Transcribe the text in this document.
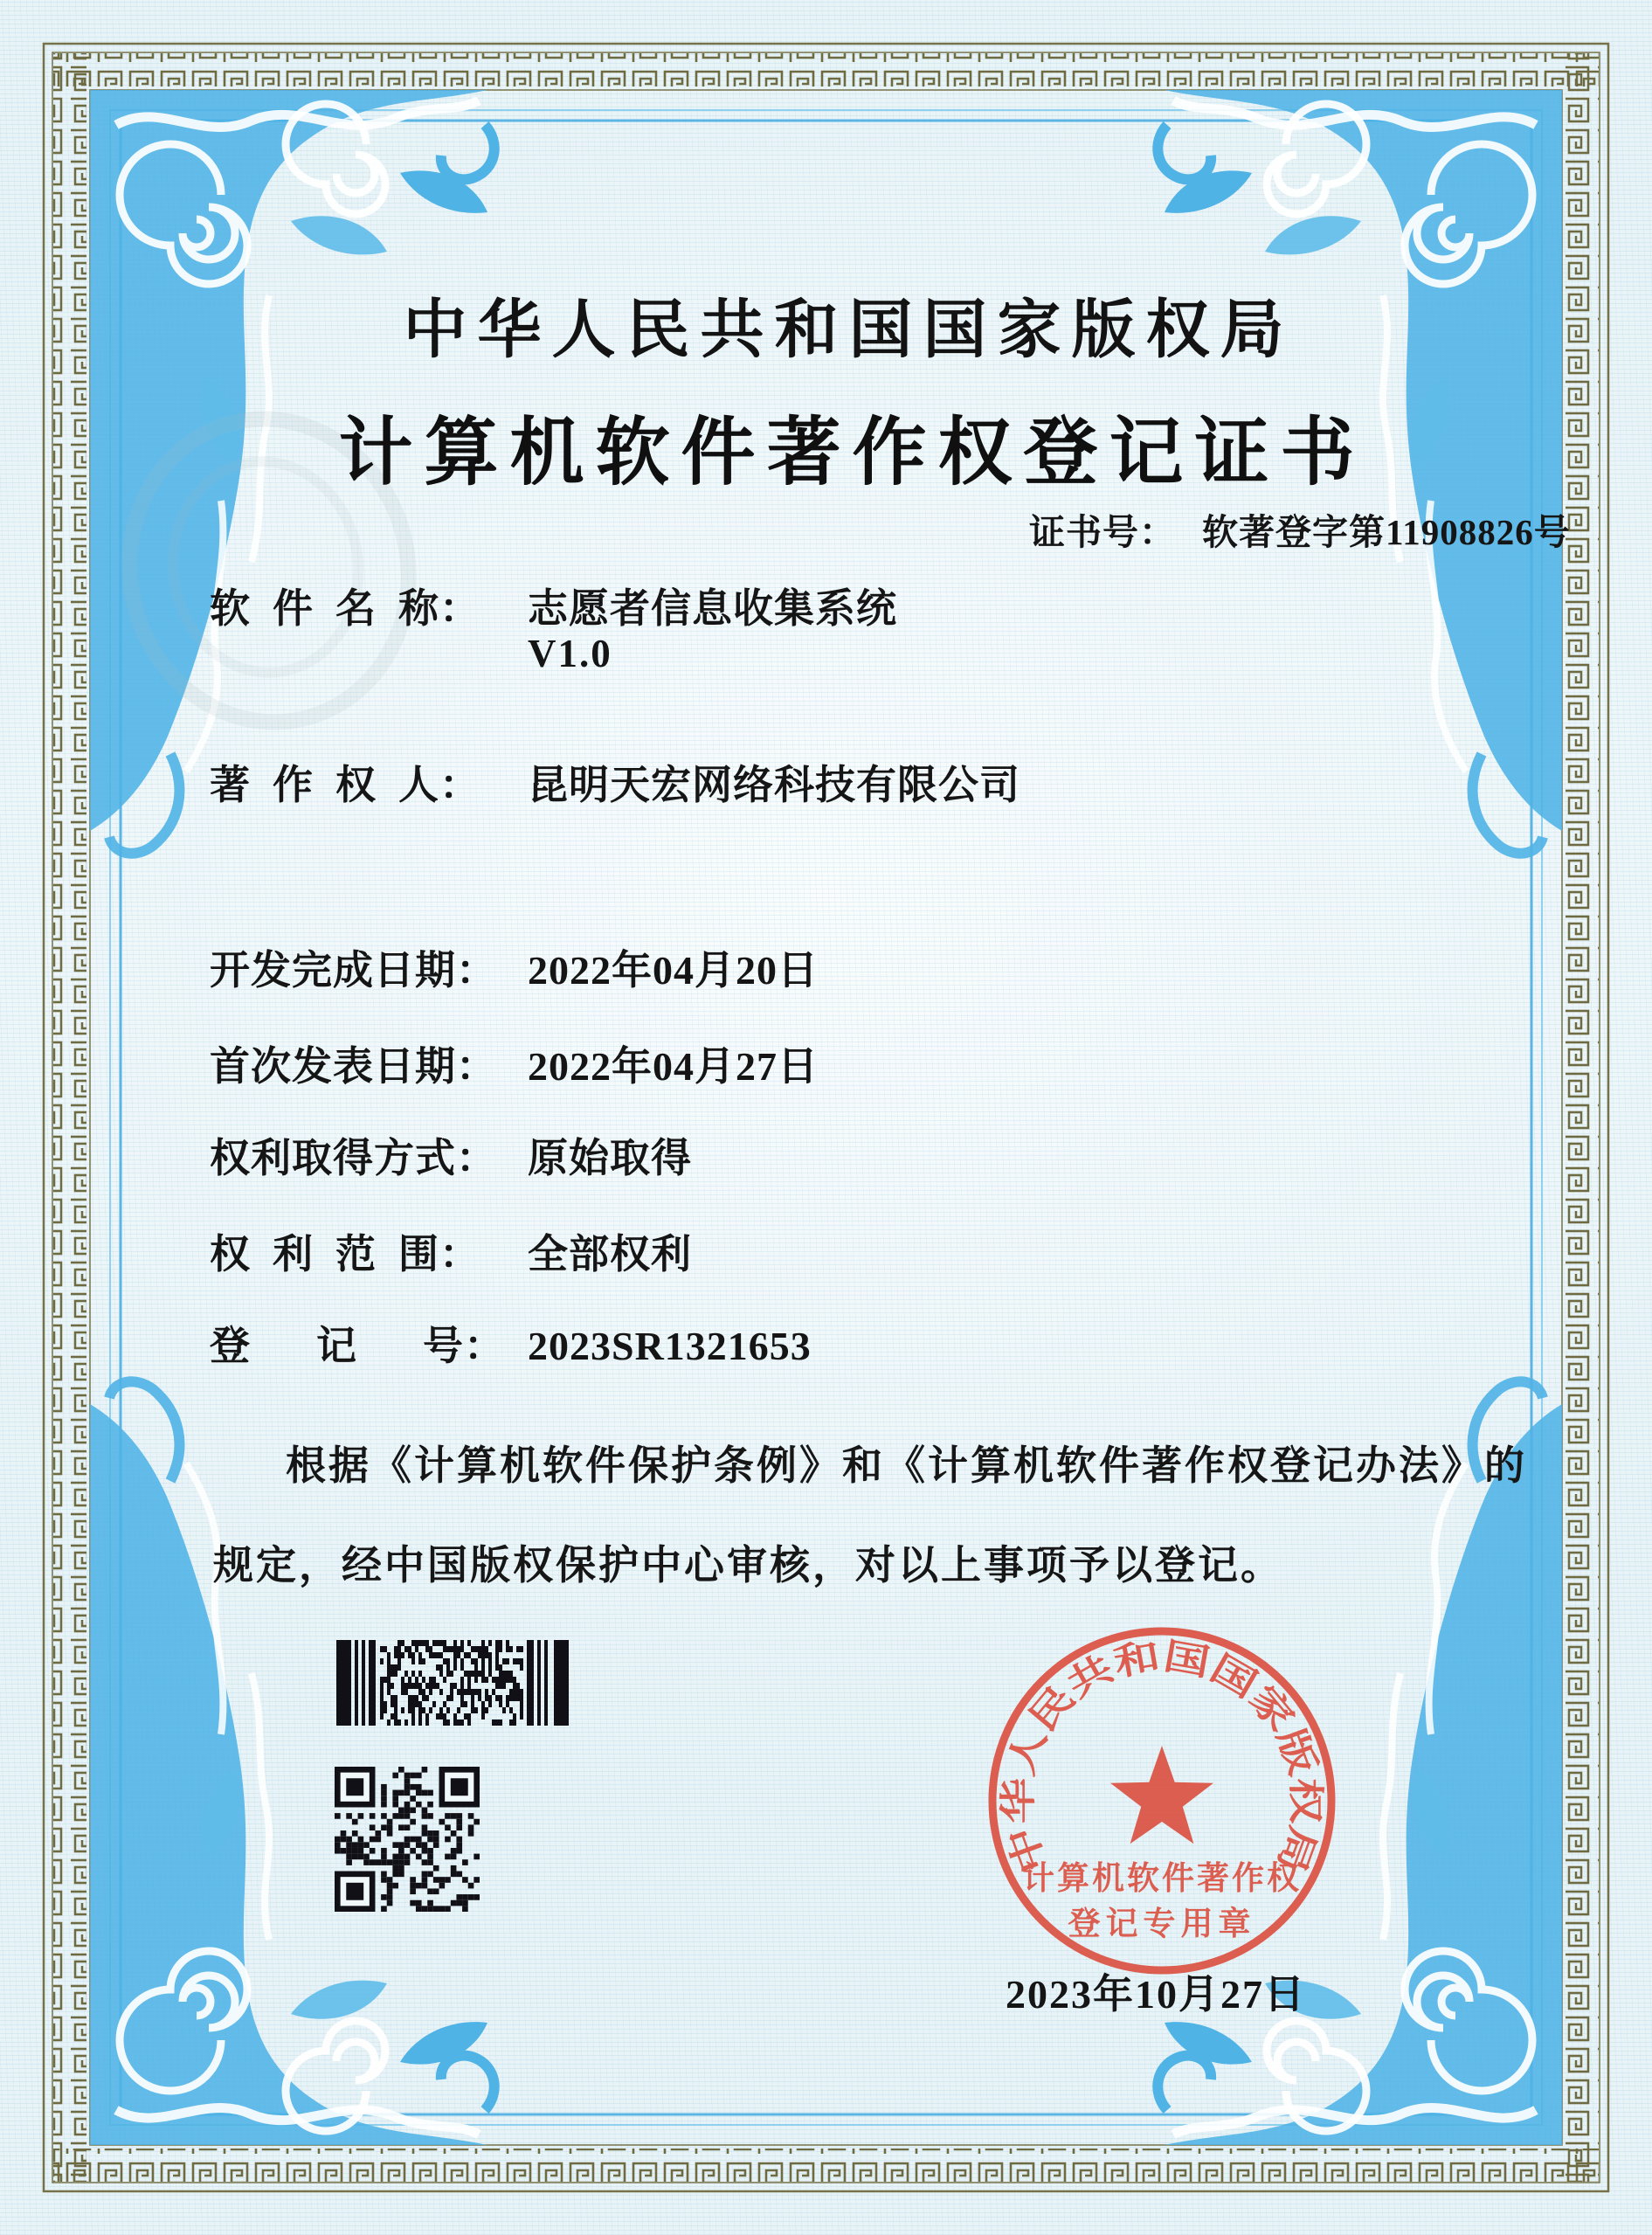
中华人民共和国国家版权局
计算机软件著作权登记证书
证书号： 软著登字第11908826号
软  件  名  称： 志愿者信息收集系统
V1.0
著  作  权  人： 昆明天宏网络科技有限公司
开发完成日期： 2022年04月20日
首次发表日期： 2022年04月27日
权利取得方式： 原始取得
权  利  范  围： 全部权利
登      记      号： 2023SR1321653
根据《计算机软件保护条例》和《计算机软件著作权登记办法》的
规定，经中国版权保护中心审核，对以上事项予以登记。
中华人民共和国国家版权局
计算机软件著作权
登记专用章
2023年10月27日
